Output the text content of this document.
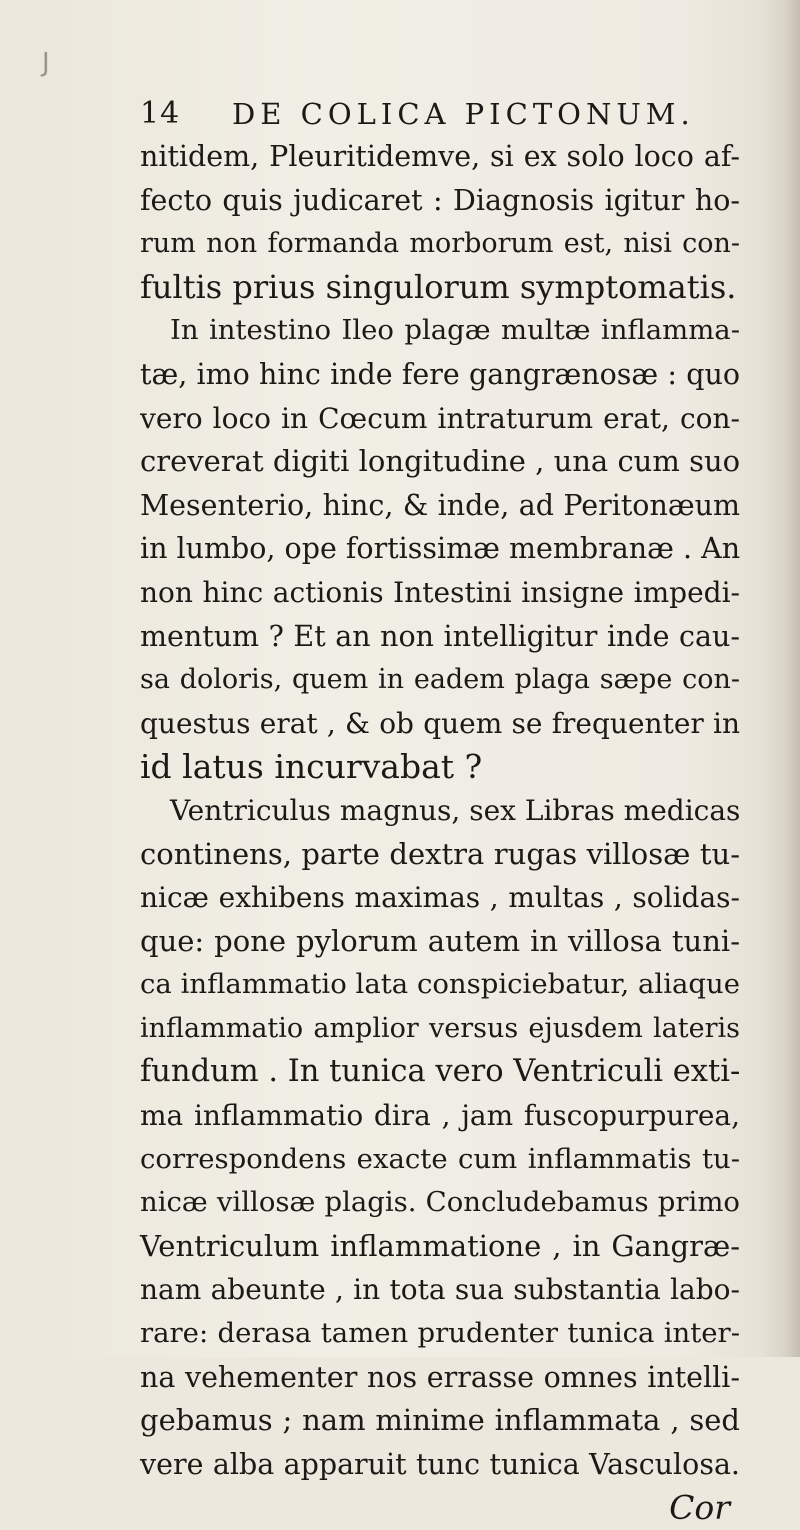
J
14 DE COLICA PICTONUM.
nitidem, Pleuritidemve, si ex solo loco af-
fecto quis judicaret : Diagnosis igitur ho-
rum non formanda morborum est, nisi con-
fultis prius singulorum symptomatis.
In intestino Ileo plagæ multæ inflamma-
tæ, imo hinc inde fere gangrænosæ : quo
vero loco in Cœcum intraturum erat, con-
creverat digiti longitudine , una cum suo
Mesenterio, hinc, & inde, ad Peritonæum
in lumbo, ope fortissimæ membranæ . An
non hinc actionis Intestini insigne impedi-
mentum ? Et an non intelligitur inde cau-
sa doloris, quem in eadem plaga sæpe con-
questus erat , & ob quem se frequenter in
id latus incurvabat ?
Ventriculus magnus, sex Libras medicas
continens, parte dextra rugas villosæ tu-
nicæ exhibens maximas , multas , solidas-
que: pone pylorum autem in villosa tuni-
ca inflammatio lata conspiciebatur, aliaque
inflammatio amplior versus ejusdem lateris
fundum . In tunica vero Ventriculi exti-
ma inflammatio dira , jam fuscopurpurea,
correspondens exacte cum inflammatis tu-
nicæ villosæ plagis. Concludebamus primo
Ventriculum inflammatione , in Gangræ-
nam abeunte , in tota sua substantia labo-
rare: derasa tamen prudenter tunica inter-
na vehementer nos errasse omnes intelli-
gebamus ; nam minime inflammata , sed
vere alba apparuit tunc tunica Vasculosa.
Cor
